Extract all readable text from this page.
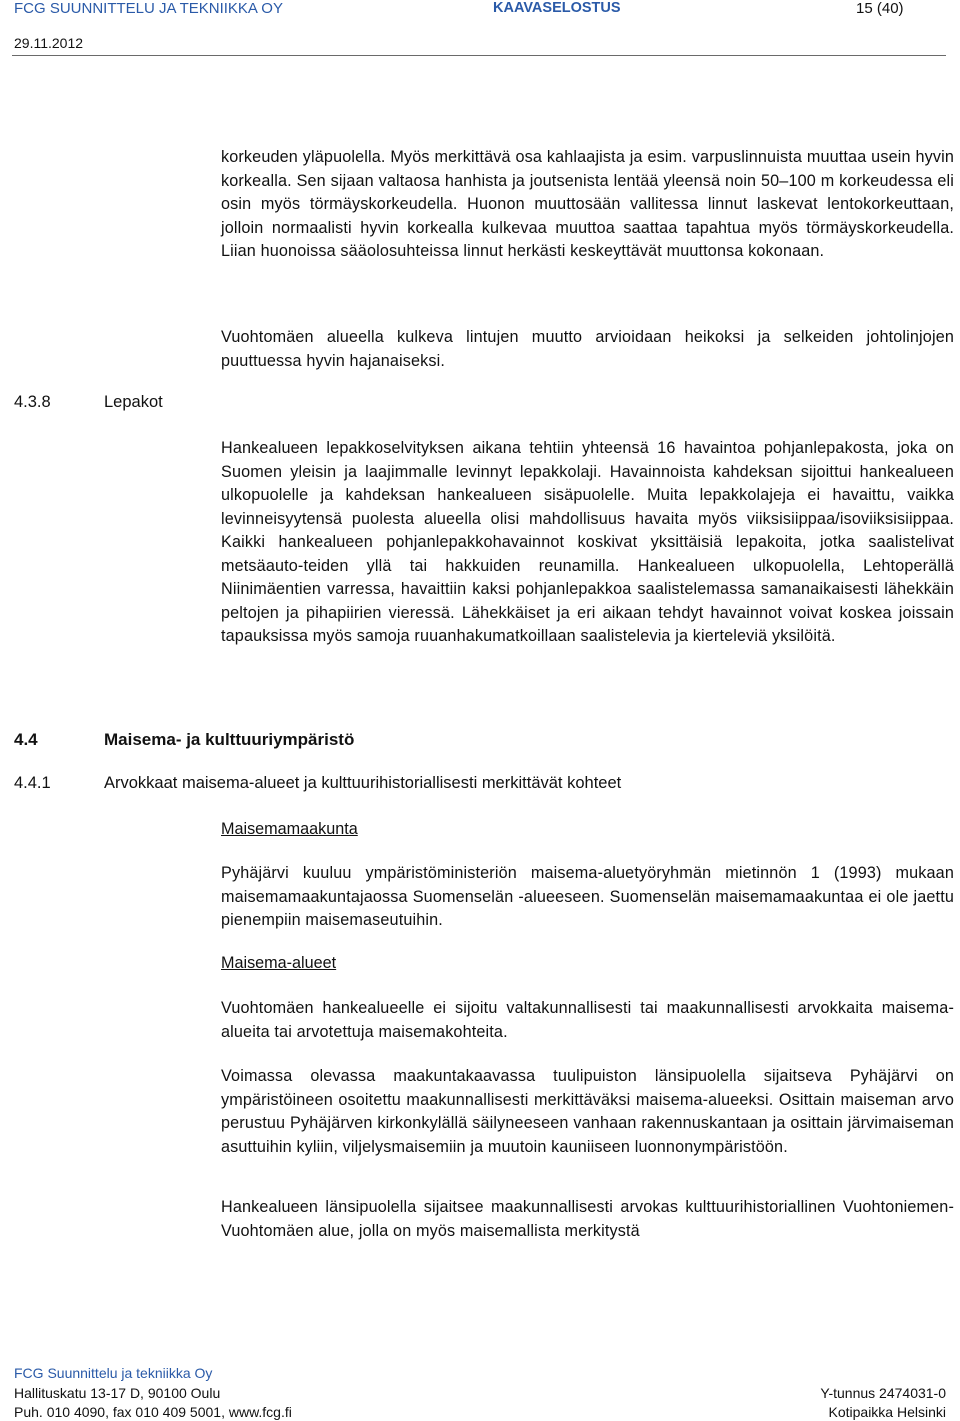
FCG SUUNNITTELU JA TEKNIIKKA OY	KAAVASELOSTUS	15 (40)
29.11.2012

korkeuden yläpuolella. Myös merkittävä osa kahlaajista ja esim. varpuslinnuista muuttaa usein hyvin korkealla. Sen sijaan valtaosa hanhista ja joutsenista lentää yleensä noin 50–100 m korkeudessa eli osin myös törmäyskorkeudella. Huonon muuttosään vallitessa linnut laskevat lentokorkeuttaan, jolloin normaalisti hyvin korkealla kulkevaa muuttoa saattaa tapahtua myös törmäyskorkeudella. Liian huonoissa sääolosuhteissa linnut herkästi keskeyttävät muuttonsa kokonaan.

Vuohtomäen alueella kulkeva lintujen muutto arvioidaan heikoksi ja selkeiden johtolinjojen puuttuessa hyvin hajanaiseksi.

4.3.8	Lepakot

Hankealueen lepakkoselvityksen aikana tehtiin yhteensä 16 havaintoa pohjanlepakosta, joka on Suomen yleisin ja laajimmalle levinnyt lepakkolaji. Havainnoista kahdeksan sijoittui hankealueen ulkopuolelle ja kahdeksan hankealueen sisäpuolelle. Muita lepakkolajeja ei havaittu, vaikka levinneisyytensä puolesta alueella olisi mahdollisuus havaita myös viiksisiippaa/isoviiksisiippaa. Kaikki hankealueen pohjanlepakkohavainnot koskivat yksittäisiä lepakoita, jotka saalistelivat metsäauto-teiden yllä tai hakkuiden reunamilla. Hankealueen ulkopuolella, Lehtoperällä Niinimäentien varressa, havaittiin kaksi pohjanlepakkoa saalistelemassa samanaikaisesti lähekkäin peltojen ja pihapiirien vieressä. Lähekkäiset ja eri aikaan tehdyt havainnot voivat koskea joissain tapauksissa myös samoja ruuanhakumatkoillaan saalistelevia ja kierteleviä yksilöitä.

4.4	Maisema- ja kulttuuriympäristö
4.4.1	Arvokkaat maisema-alueet ja kulttuurihistoriallisesti merkittävät kohteet
Maisemamaakunta

Pyhäjärvi kuuluu ympäristöministeriön maisema-aluetyöryhmän mietinnön 1 (1993) mukaan maisemamaakuntajaossa Suomenselän -alueeseen. Suomenselän maisemamaakuntaa ei ole jaettu pienempiin maisemaseutuihin.

Maisema-alueet

Vuohtomäen hankealueelle ei sijoitu valtakunnallisesti tai maakunnallisesti arvokkaita maisema-alueita tai arvotettuja maisemakohteita.

Voimassa olevassa maakuntakaavassa tuulipuiston länsipuolella sijaitseva Pyhäjärvi on ympäristöineen osoitettu maakunnallisesti merkittäväksi maisema-alueeksi. Osittain maiseman arvo perustuu Pyhäjärven kirkonkylällä säilyneeseen vanhaan rakennuskantaan ja osittain järvimaiseman asuttuihin kyliin, viljelysmaisemiin ja muutoin kauniiseen luonnonympäristöön.

Hankealueen länsipuolella sijaitsee maakunnallisesti arvokas kulttuurihistoriallinen Vuohtoniemen-Vuohtomäen alue, jolla on myös maisemallista merkitystä

FCG Suunnittelu ja tekniikka Oy
Hallituskatu 13-17 D, 90100 Oulu
Puh. 010 4090, fax 010 409 5001, www.fcg.fi
Y-tunnus 2474031-0
Kotipaikka Helsinki
